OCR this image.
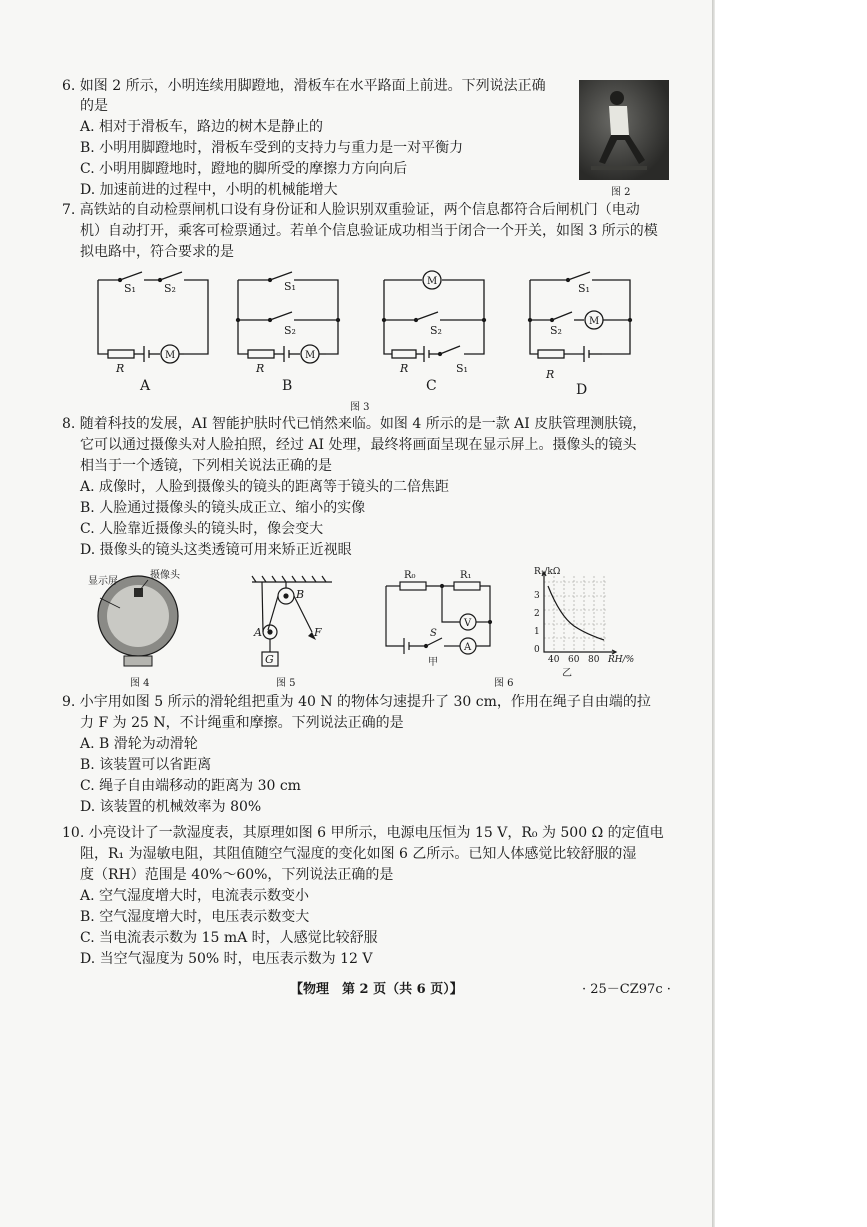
6. 如图 2 所示，小明连续用脚蹬地，滑板车在水平路面上前进。下列说法正确
的是
A. 相对于滑板车，路边的树木是静止的
B. 小明用脚蹬地时，滑板车受到的支持力与重力是一对平衡力
C. 小明用脚蹬地时，蹬地的脚所受的摩擦力方向向后
D. 加速前进的过程中，小明的机械能增大	图 2
7. 高铁站的自动检票闸机口设有身份证和人脸识别双重验证，两个信息都符合后闸机门（电动
机）自动打开，乘客可检票通过。若单个信息验证成功相当于闭合一个开关，如图 3 所示的模
拟电路中，符合要求的是
S₁	S₂
R
M
A
S₁
S₂
R
M
B
M
S₂
R	S₁
C
S₁
S₂
M
R
D
图 3
8. 随着科技的发展，AI 智能护肤时代已悄然来临。如图 4 所示的是一款 AI 皮肤管理测肤镜，
它可以通过摄像头对人脸拍照，经过 AI 处理，最终将画面呈现在显示屏上。摄像头的镜头
相当于一个透镜，下列相关说法正确的是
A. 成像时，人脸到摄像头的镜头的距离等于镜头的二倍焦距
B. 人脸通过摄像头的镜头成正立、缩小的实像
C. 人脸靠近摄像头的镜头时，像会变大
D. 摄像头的镜头这类透镜可用来矫正近视眼
显示屏
摄像头
图 4
B
A	F
G
图 5
R₀	R₁
S
V
A
甲
R₁/kΩ
3
2
1
0
40 60 80 RH/%
乙
图 6
9. 小宇用如图 5 所示的滑轮组把重为 40 N 的物体匀速提升了 30 cm，作用在绳子自由端的拉
力 F 为 25 N，不计绳重和摩擦。下列说法正确的是
A. B 滑轮为动滑轮
B. 该装置可以省距离
C. 绳子自由端移动的距离为 30 cm
D. 该装置的机械效率为 80%
10. 小亮设计了一款湿度表，其原理如图 6 甲所示，电源电压恒为 15 V，R₀ 为 500 Ω 的定值电
阻，R₁ 为湿敏电阻，其阻值随空气湿度的变化如图 6 乙所示。已知人体感觉比较舒服的湿
度（RH）范围是 40%～60%，下列说法正确的是
A. 空气湿度增大时，电流表示数变小
B. 空气湿度增大时，电压表示数变大
C. 当电流表示数为 15 mA 时，人感觉比较舒服
D. 当空气湿度为 50% 时，电压表示数为 12 V
【物理　第 2 页（共 6 页）】	· 25－CZ97c ·
